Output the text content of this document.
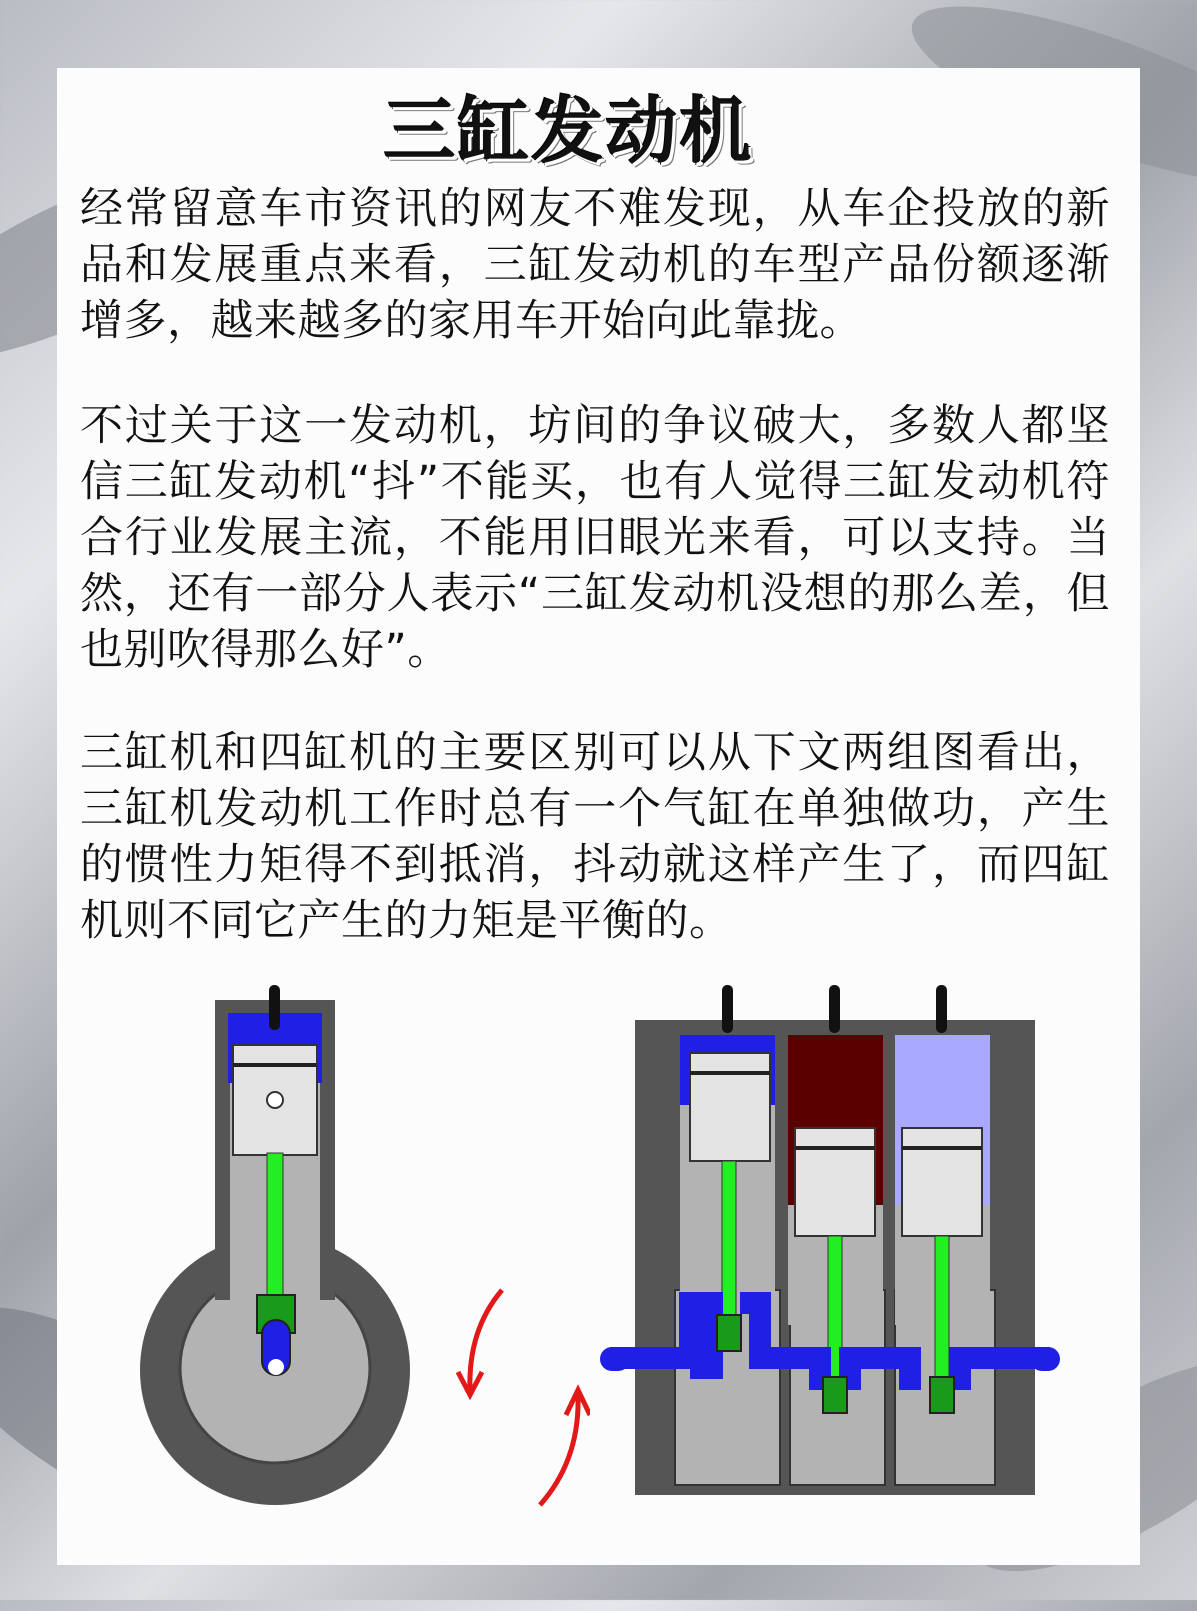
三缸发动机

经常留意车市资讯的网友不难发现，从车企投放的新品和发展重点来看，三缸发动机的车型产品份额逐渐增多，越来越多的家用车开始向此靠拢。

不过关于这一发动机，坊间的争议破大，多数人都坚信三缸发动机“抖”不能买，也有人觉得三缸发动机符合行业发展主流，不能用旧眼光来看，可以支持。当然，还有一部分人表示“三缸发动机没想的那么差，但也别吹得那么好”。

三缸机和四缸机的主要区别可以从下文两组图看出，三缸机发动机工作时总有一个气缸在单独做功，产生的惯性力矩得不到抵消，抖动就这样产生了，而四缸机则不同它产生的力矩是平衡的。
